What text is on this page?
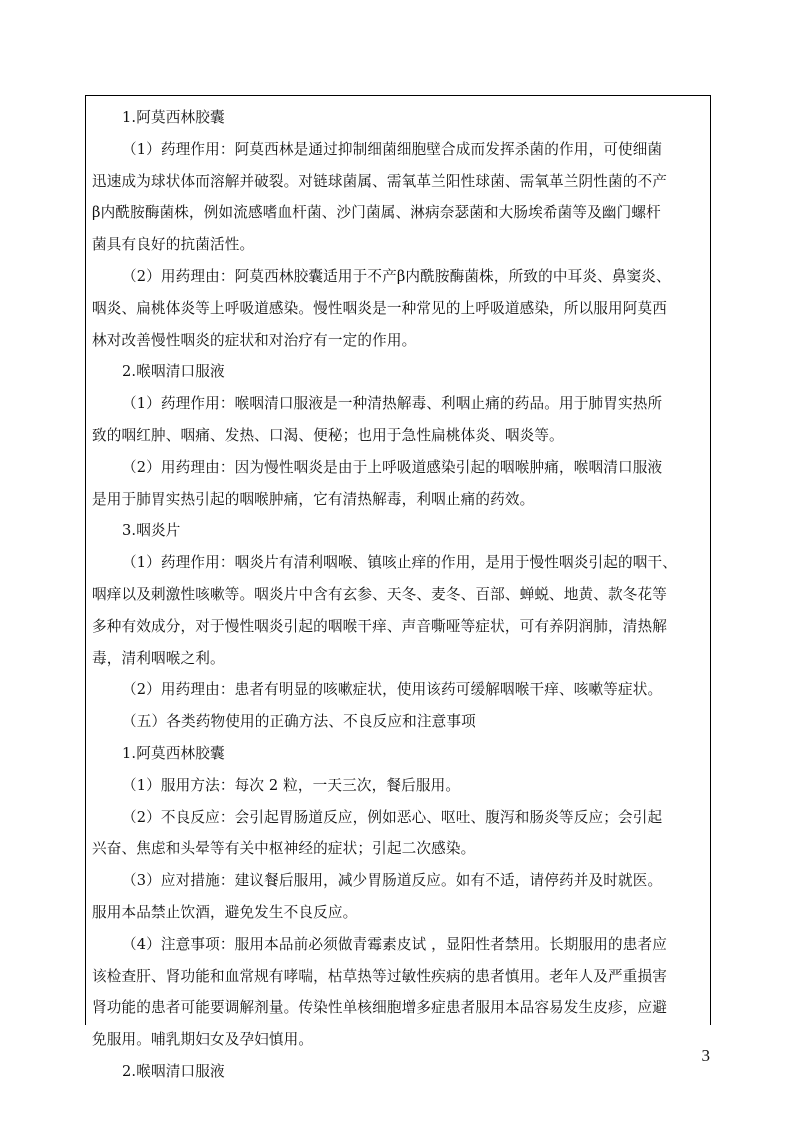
1.阿莫西林胶囊
（1）药理作用：阿莫西林是通过抑制细菌细胞壁合成而发挥杀菌的作用，可使细菌
迅速成为球状体而溶解并破裂。对链球菌属、需氧革兰阳性球菌、需氧革兰阴性菌的不产
β内酰胺酶菌株，例如流感嗜血杆菌、沙门菌属、淋病奈瑟菌和大肠埃希菌等及幽门螺杆
菌具有良好的抗菌活性。
（2）用药理由：阿莫西林胶囊适用于不产β内酰胺酶菌株，所致的中耳炎、鼻窦炎、
咽炎、扁桃体炎等上呼吸道感染。慢性咽炎是一种常见的上呼吸道感染，所以服用阿莫西
林对改善慢性咽炎的症状和对治疗有一定的作用。
2.喉咽清口服液
（1）药理作用：喉咽清口服液是一种清热解毒、利咽止痛的药品。用于肺胃实热所
致的咽红肿、咽痛、发热、口渴、便秘；也用于急性扁桃体炎、咽炎等。
（2）用药理由：因为慢性咽炎是由于上呼吸道感染引起的咽喉肿痛，喉咽清口服液
是用于肺胃实热引起的咽喉肿痛，它有清热解毒，利咽止痛的药效。
3.咽炎片
（1）药理作用：咽炎片有清利咽喉、镇咳止痒的作用，是用于慢性咽炎引起的咽干、
咽痒以及刺激性咳嗽等。咽炎片中含有玄参、天冬、麦冬、百部、蝉蜕、地黄、款冬花等
多种有效成分，对于慢性咽炎引起的咽喉干痒、声音嘶哑等症状，可有养阴润肺，清热解
毒，清利咽喉之利。
（2）用药理由：患者有明显的咳嗽症状，使用该药可缓解咽喉干痒、咳嗽等症状。
（五）各类药物使用的正确方法、不良反应和注意事项
1.阿莫西林胶囊
（1）服用方法：每次 2 粒，一天三次，餐后服用。
（2）不良反应：会引起胃肠道反应，例如恶心、呕吐、腹泻和肠炎等反应；会引起
兴奋、焦虑和头晕等有关中枢神经的症状；引起二次感染。
（3）应对措施：建议餐后服用，减少胃肠道反应。如有不适，请停药并及时就医。
服用本品禁止饮酒，避免发生不良反应。
（4）注意事项：服用本品前必须做青霉素皮试 ，显阳性者禁用。长期服用的患者应
该检查肝、肾功能和血常规有哮喘，枯草热等过敏性疾病的患者慎用。老年人及严重损害
肾功能的患者可能要调解剂量。传染性单核细胞增多症患者服用本品容易发生皮疹，应避
免服用。哺乳期妇女及孕妇慎用。
2.喉咽清口服液
3
